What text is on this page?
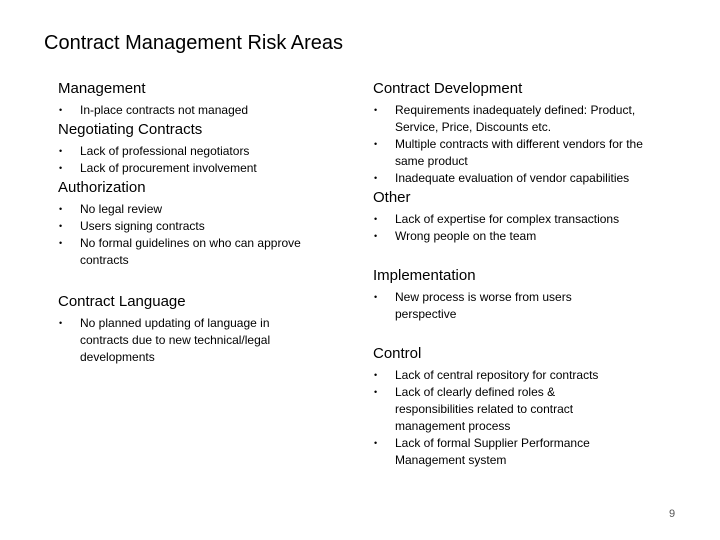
Contract Management Risk Areas
Management
• In-place contracts not managed
Negotiating Contracts
• Lack of professional negotiators
• Lack of procurement involvement
Authorization
• No legal review
• Users signing contracts
• No formal guidelines on who can approve contracts
Contract Language
• No planned updating of language in contracts due to new technical/legal developments
Contract Development
• Requirements inadequately defined: Product, Service, Price, Discounts etc.
• Multiple contracts with different vendors for the same product
• Inadequate evaluation of vendor capabilities
Other
• Lack of expertise for complex transactions
• Wrong people on the team
Implementation
• New process is worse from users perspective
Control
• Lack of central repository for contracts
• Lack of clearly defined roles & responsibilities related to contract management process
• Lack of formal Supplier Performance Management system
9
